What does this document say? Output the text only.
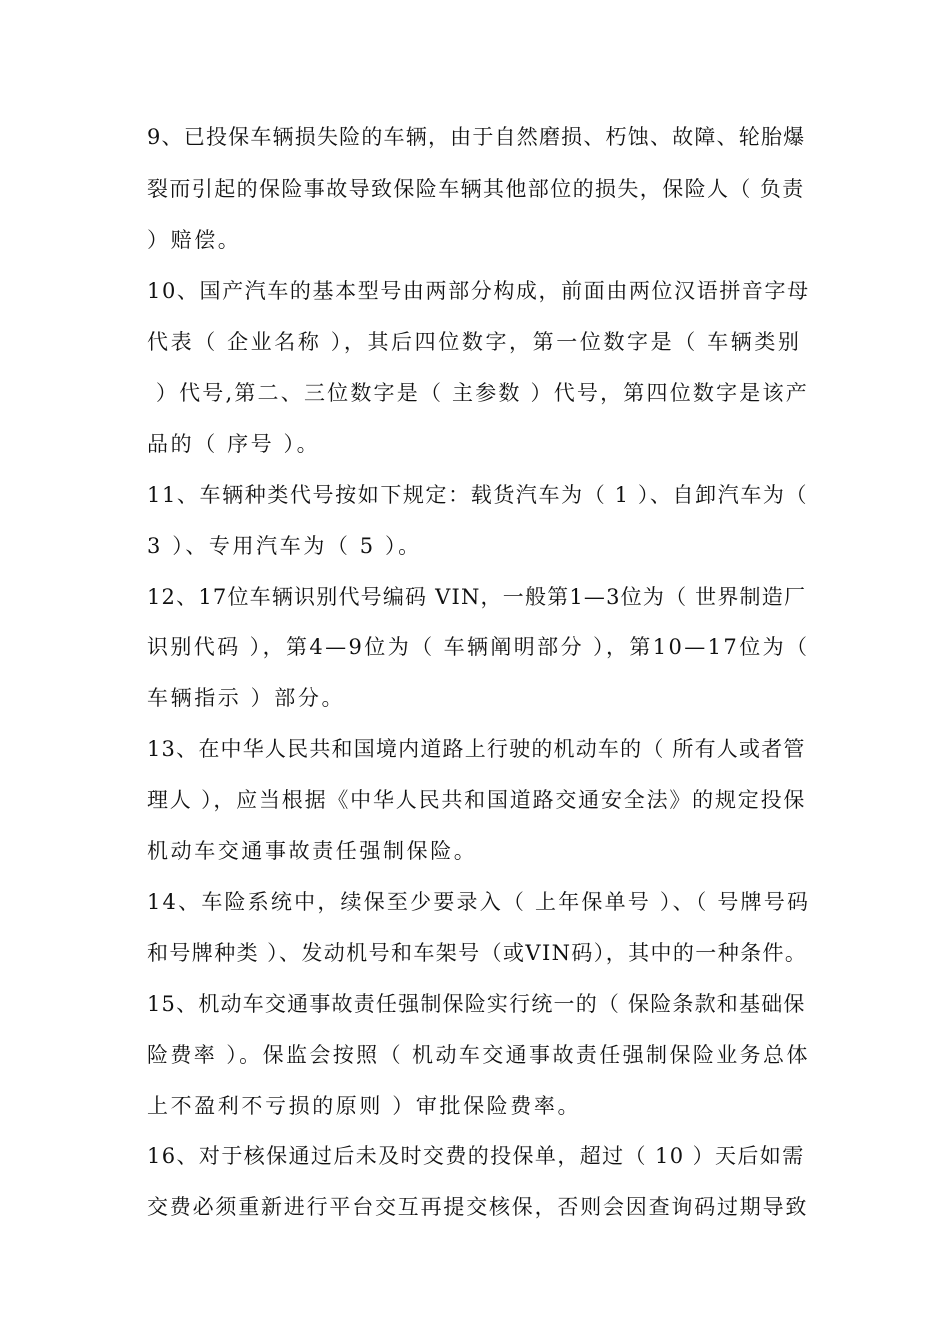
9、已投保车辆损失险的车辆，由于自然磨损、朽蚀、故障、轮胎爆
裂而引起的保险事故导致保险车辆其他部位的损失，保险人（ 负责
）赔偿。
10、国产汽车的基本型号由两部分构成，前面由两位汉语拼音字母
代表（ 企业名称 ），其后四位数字，第一位数字是（ 车辆类别
）代号,第二、三位数字是（ 主参数 ）代号，第四位数字是该产
品的（ 序号 ）。
11、车辆种类代号按如下规定：载货汽车为（ 1 ）、自卸汽车为（
3 ）、专用汽车为（ 5 ）。
12、17位车辆识别代号编码 VIN，一般第1—3位为（ 世界制造厂
识别代码 ），第4—9位为（ 车辆阐明部分 ），第10—17位为（
车辆指示 ）部分。
13、在中华人民共和国境内道路上行驶的机动车的（ 所有人或者管
理人 ），应当根据《中华人民共和国道路交通安全法》的规定投保
机动车交通事故责任强制保险。
14、车险系统中，续保至少要录入（ 上年保单号 ）、（ 号牌号码
和号牌种类 ）、发动机号和车架号（或VIN码），其中的一种条件。
15、机动车交通事故责任强制保险实行统一的（ 保险条款和基础保
险费率 ）。保监会按照（ 机动车交通事故责任强制保险业务总体
上不盈利不亏损的原则 ）审批保险费率。
16、对于核保通过后未及时交费的投保单，超过（ 10 ）天后如需
交费必须重新进行平台交互再提交核保，否则会因查询码过期导致
